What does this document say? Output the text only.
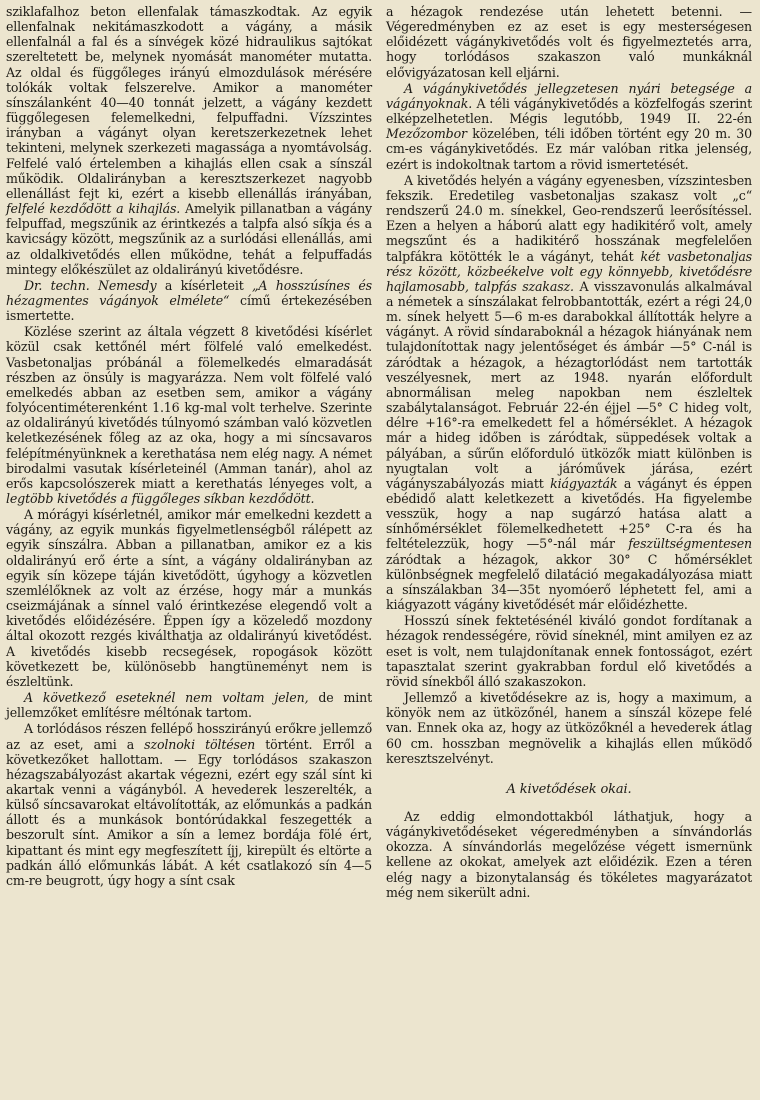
sziklafalhoz beton ellenfalak támaszkodtak. Az egyik ellenfalnak nekitámaszkodott a vágány, a másik ellenfalnál a fal és a sínvégek közé hidraulikus sajtókat szereltetett be, melynek nyomását manométer mutatta. Az oldal és függőleges irányú elmozdulások mérésére tolókák voltak felszerelve. Amikor a manométer sínszálanként 40—40 tonnát jelzett, a vágány kezdett függőlegesen felemelkedni, felpuffadni. Vízszintes irányban a vágányt olyan keretszerkezetnek lehet tekinteni, melynek szerkezeti magassága a nyomtávolság. Felfelé való értelemben a kihajlás ellen csak a sínszál működik. Oldalirányban a keresztszerkezet nagyobb ellenállást fejt ki, ezért a kisebb ellenállás irányában, felfelé kezdődött a kihajlás. Amelyik pillanatban a vágány felpuffad, megszűnik az érintkezés a talpfa alsó síkja és a kavicságy között, megszűnik az a surlódási ellenállás, ami az oldalkivetődés ellen működne, tehát a felpuffadás mintegy előkészület az oldalirányú kivetődésre.

Dr. techn. Nemesdy a kísérleteit „A hosszúsínes és hézagmentes vágányok elmélete“ című értekezésében ismertette.

Közlése szerint az általa végzett 8 kivetődési kísérlet közül csak kettőnél mért fölfelé való emelkedést. Vasbetonaljas próbánál a fölemelkedés elmaradását részben az önsúly is magyarázza. Nem volt fölfelé való emelkedés abban az esetben sem, amikor a vágány folyócentiméterenként 1.16 kg-mal volt terhelve. Szerinte az oldalirányú kivetődés túlnyomó számban való közvetlen keletkezésének főleg az az oka, hogy a mi síncsavaros felépítményünknek a kerethatása nem elég nagy. A német birodalmi vasutak kísérleteinél (Amman tanár), ahol az erős kapcsolószerek miatt a kerethatás lényeges volt, a legtöbb kivetődés a függőleges síkban kezdődött.

A mórágyi kísérletnél, amikor már emelkedni kezdett a vágány, az egyik munkás figyelmetlenségből rálépett az egyik sínszálra. Abban a pillanatban, amikor ez a kis oldalirányú erő érte a sínt, a vágány oldalirányban az egyik sín közepe táján kivetődött, úgyhogy a közvetlen szemlélőknek az volt az érzése, hogy már a munkás cseizmájának a sínnel való érintkezése elegendő volt a kivetődés előidézésére. Éppen így a közeledő mozdony által okozott rezgés kiválthatja az oldalirányú kivetődést. A kivetődés kisebb recsegések, ropogások között következett be, különösebb hangtüneményt nem is észleltünk.

A következő eseteknél nem voltam jelen, de mint jellemzőket említésre méltónak tartom.

A torlódásos részen fellépő hosszirányú erőkre jellemző az az eset, ami a szolnoki töltésen történt. Erről a következőket hallottam. — Egy torlódásos szakaszon hézagszabályozást akartak végezni, ezért egy szál sínt ki akartak venni a vágányból. A hevederek leszerelték, a külső síncsavarokat eltávolították, az előmunkás a padkán állott és a munkások bontórúdakkal feszegették a beszorult sínt. Amikor a sín a lemez bordája fölé ért, kipattant és mint egy megfeszített íjj, kirepült és eltörte a padkán álló előmunkás lábát. A két csatlakozó sín 4—5 cm-re beugrott, úgy hogy a sínt csak

a hézagok rendezése után lehetett betenni. — Végeredményben ez az eset is egy mesterségesen előidézett vágánykivetődés volt és figyelmeztetés arra, hogy torlódásos szakaszon való munkáknál elővigyázatosan kell eljárni.

A vágánykivetődés jellegzetesen nyári betegsége a vágányoknak. A téli vágánykivetődés a közfelfogás szerint elképzelhetetlen. Mégis legutóbb, 1949 II. 22-én Mezőzombor közelében, téli időben történt egy 20 m. 30 cm-es vágánykivetődés. Ez már valóban ritka jelenség, ezért is indokoltnak tartom a rövid ismertetését.

A kivetődés helyén a vágány egyenesben, vízszintesben fekszik. Eredetileg vasbetonaljas szakasz volt „c“ rendszerű 24.0 m. sínekkel, Geo-rendszerű leerősítéssel. Ezen a helyen a háború alatt egy hadikitérő volt, amely megszűnt és a hadikitérő hosszának megfelelően talpfákra kötötték le a vágányt, tehát két vasbetonaljas rész között, közbeékelve volt egy könnyebb, kivetődésre hajlamosabb, talpfás szakasz. A visszavonulás alkalmával a németek a sínszálakat felrobbantották, ezért a régi 24,0 m. sínek helyett 5—6 m-es darabokkal állították helyre a vágányt. A rövid síndaraboknál a hézagok hiányának nem tulajdonítottak nagy jelentőséget és ámbár —5° C-nál is záródtak a hézagok, a hézagtorlódást nem tartották veszélyesnek, mert az 1948. nyarán előfordult abnormálisan meleg napokban nem észleltek szabálytalanságot. Február 22-én éjjel —5° C hideg volt, délre +16°-ra emelkedett fel a hőmérséklet. A hézagok már a hideg időben is záródtak, süppedések voltak a pályában, a sűrűn előforduló ütközők miatt különben is nyugtalan volt a járóművek járása, ezért vágányszabályozás miatt kiágyazták a vágányt és éppen ebédidő alatt keletkezett a kivetődés. Ha figyelembe vesszük, hogy a nap sugárzó hatása alatt a sínhőmérséklet fölemelkedhetett +25° C-ra és ha feltételezzük, hogy —5°-nál már feszültségmentesen záródtak a hézagok, akkor 30° C hőmérséklet különbségnek megfelelő dilatáció megakadályozása miatt a sínszálakban 34—35t nyomóerő léphetett fel, ami a kiágyazott vágány kivetődését már előidézhette.

Hosszú sínek fektetésénél kiváló gondot fordítanak a hézagok rendességére, rövid síneknél, mint amilyen ez az eset is volt, nem tulajdonítanak ennek fontosságot, ezért tapasztalat szerint gyakrabban fordul elő kivetődés a rövid sínekből álló szakaszokon.

Jellemző a kivetődésekre az is, hogy a maximum, a könyök nem az ütközőnél, hanem a sínszál közepe felé van. Ennek oka az, hogy az ütközőknél a hevederek átlag 60 cm. hosszban megnövelik a kihajlás ellen működő keresztszelvényt.

A kivetődések okai.

Az eddig elmondottakból láthatjuk, hogy a vágánykivetődéseket végeredményben a sínvándorlás okozza. A sínvándorlás megelőzése végett ismernünk kellene az okokat, amelyek azt előidézik. Ezen a téren elég nagy a bizonytalanság és tökéletes magyarázatot még nem sikerült adni.
